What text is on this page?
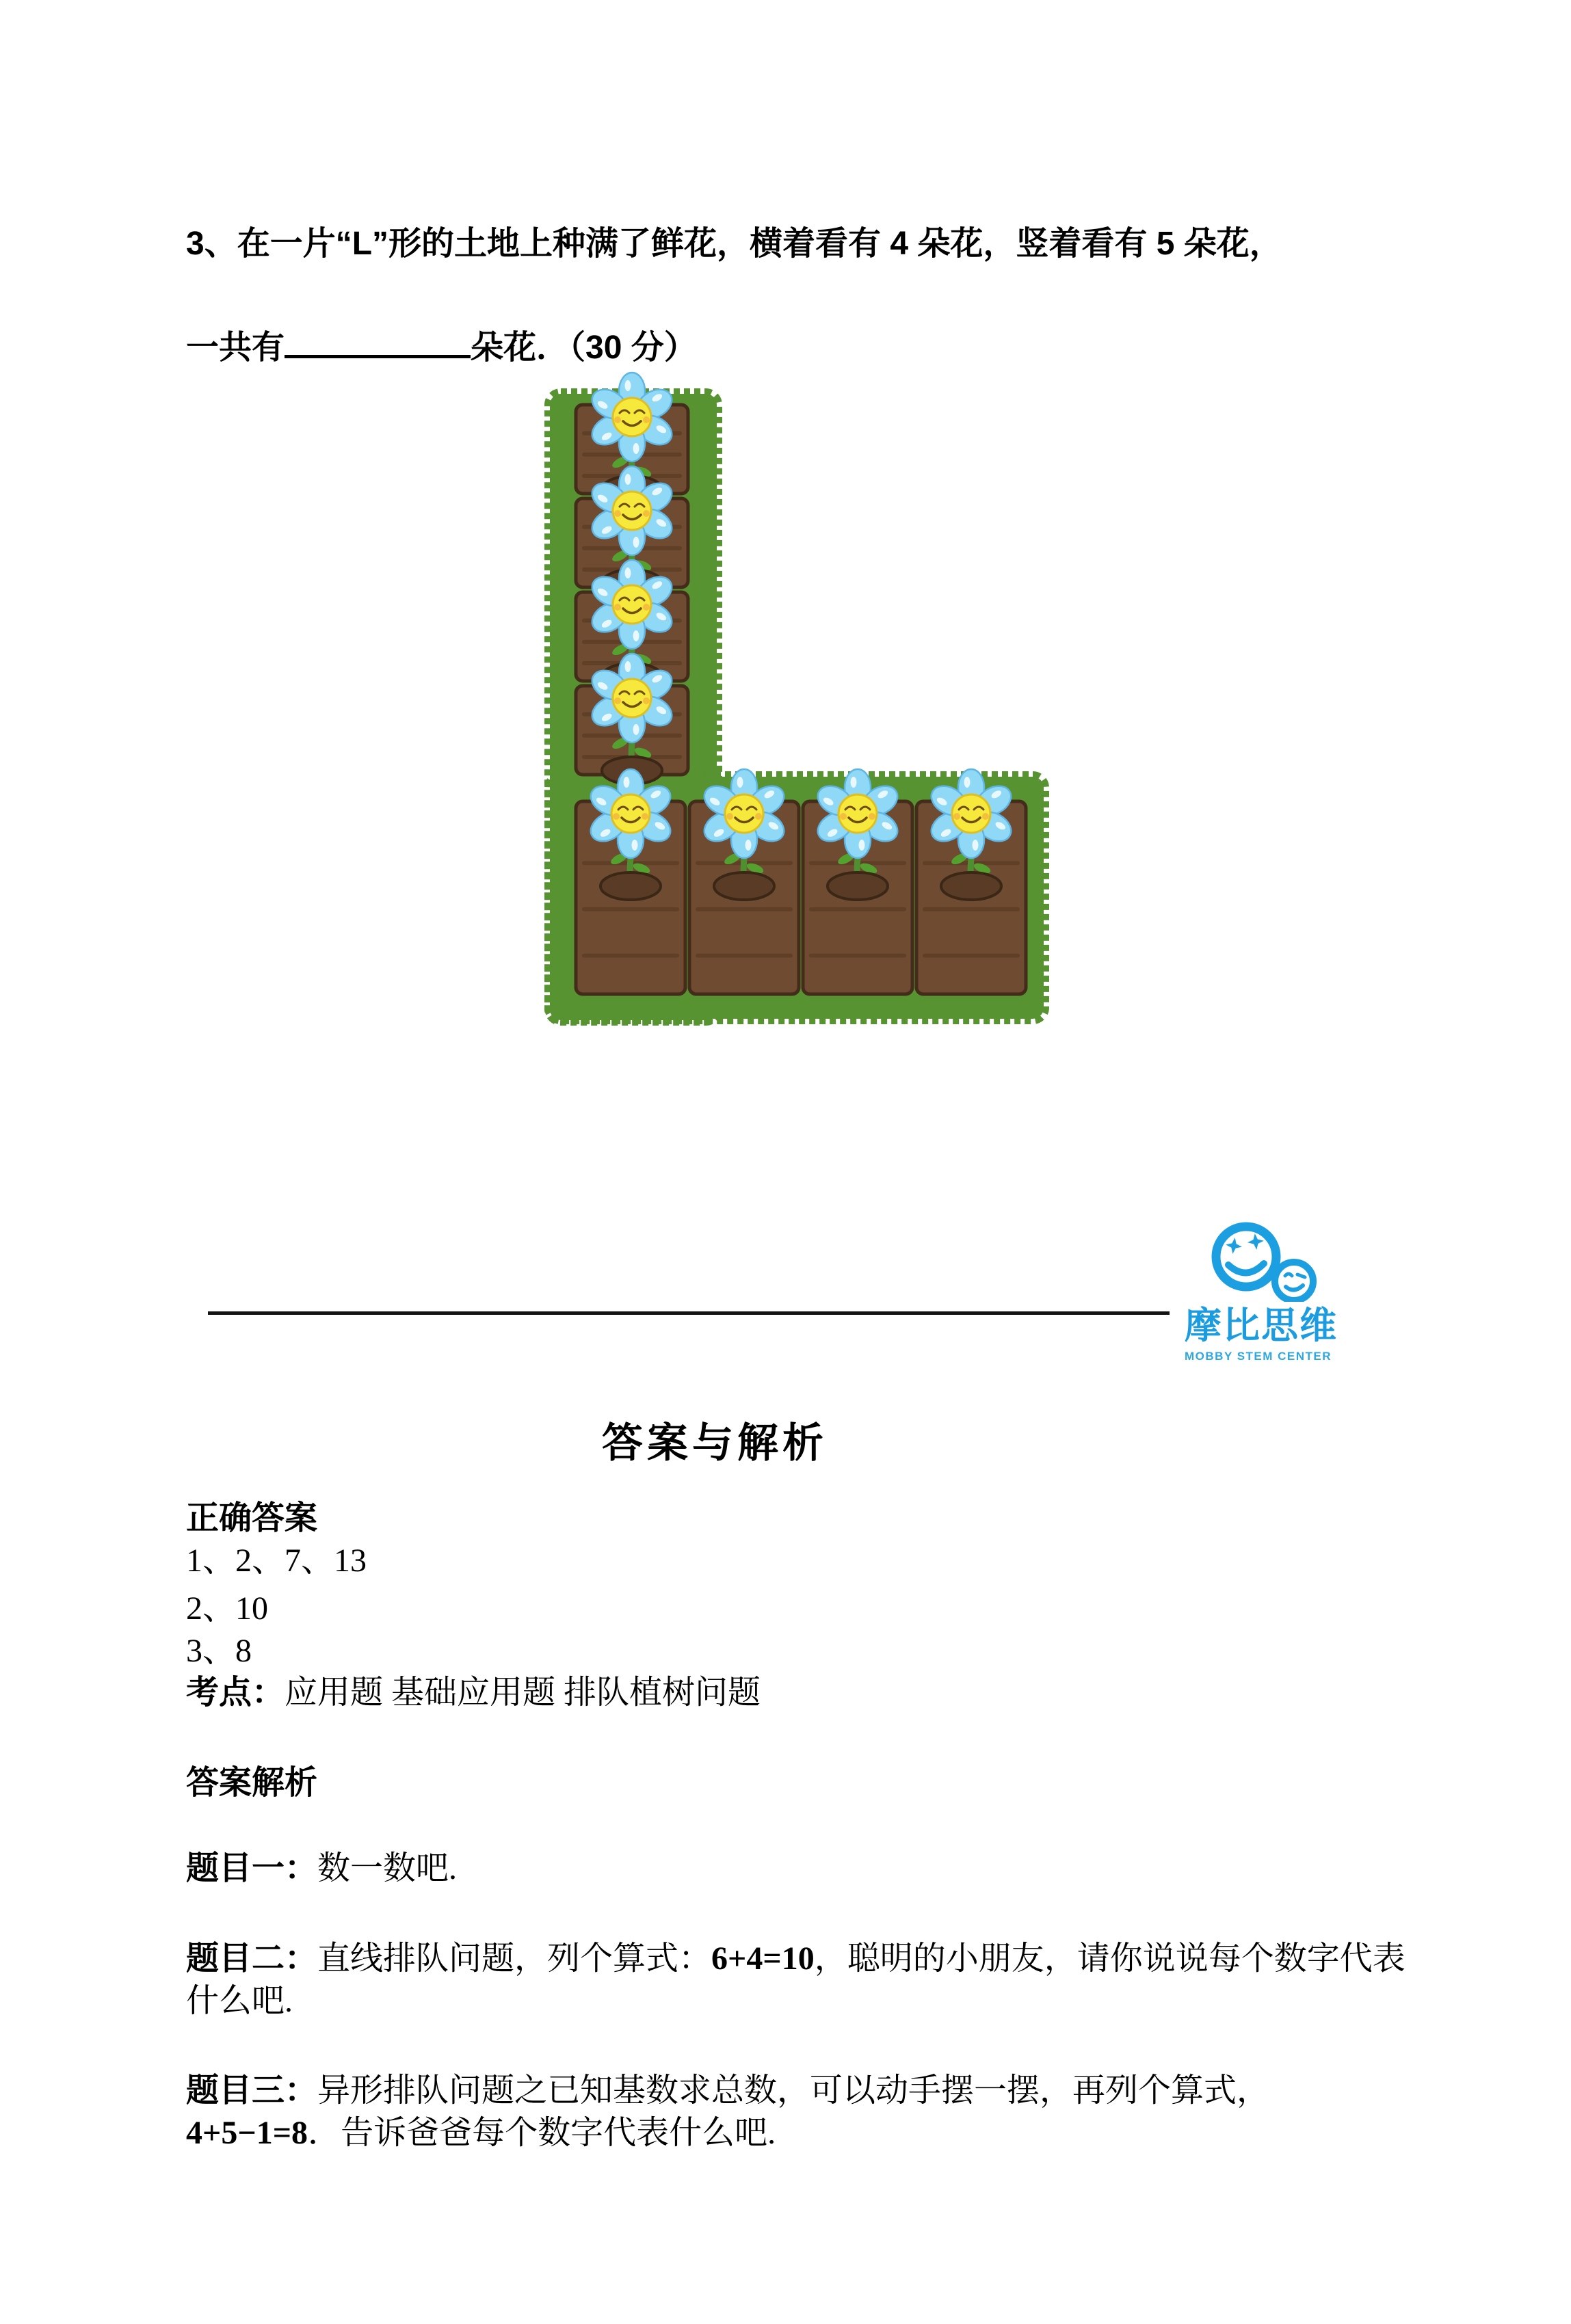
3、在一片“L”形的土地上种满了鲜花，横着看有 4 朵花，竖着看有 5 朵花，
一共有	朵花．（30 分）
摩比思维
MOBBY STEM CENTER
答案与解析
正确答案
1、2、7、13
2、10
3、8
考点：应用题 基础应用题 排队植树问题
答案解析
题目一：数一数吧.
题目二：直线排队问题，列个算式：6+4=10，聪明的小朋友，请你说说每个数字代表什么吧.
题目三：异形排队问题之已知基数求总数，可以动手摆一摆，再列个算式，4+5−1=8．告诉爸爸每个数字代表什么吧.
